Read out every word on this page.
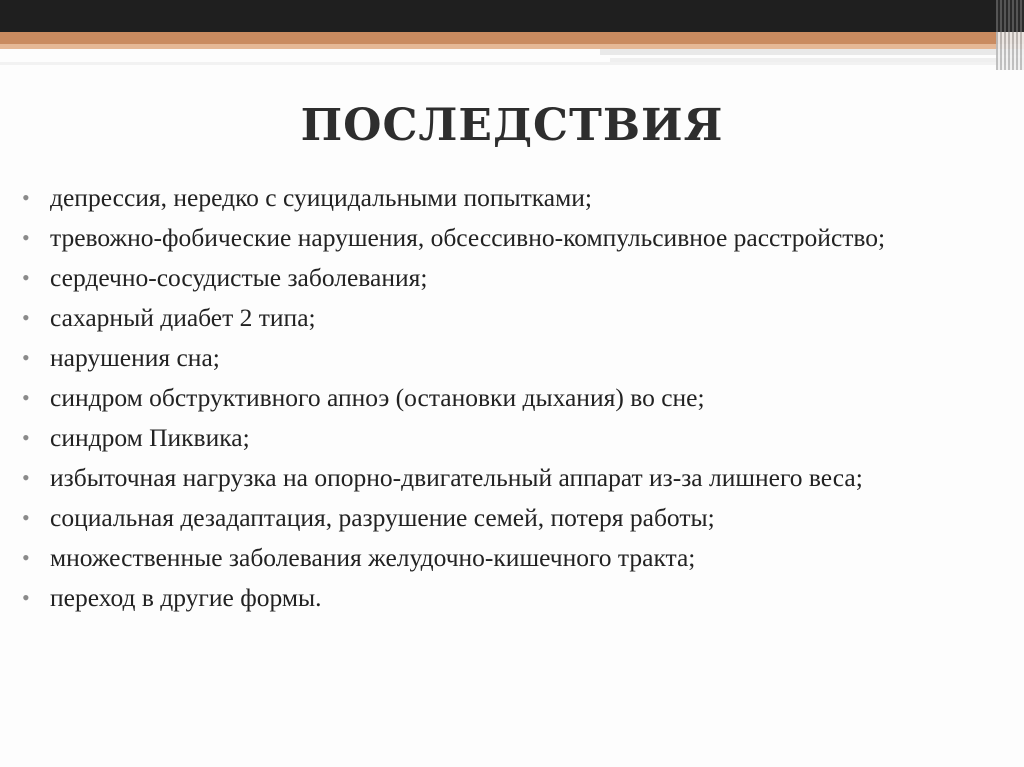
ПОСЛЕДСТВИЯ
• депрессия, нередко с суицидальными попытками;
• тревожно-фобические нарушения, обсессивно-компульсивное расстройство;
• сердечно-сосудистые заболевания;
• сахарный диабет 2 типа;
• нарушения сна;
• синдром обструктивного апноэ (остановки дыхания) во сне;
• синдром Пиквика;
• избыточная нагрузка на опорно-двигательный аппарат из-за лишнего веса;
• социальная дезадаптация, разрушение семей, потеря работы;
• множественные заболевания желудочно-кишечного тракта;
• переход в другие формы.
